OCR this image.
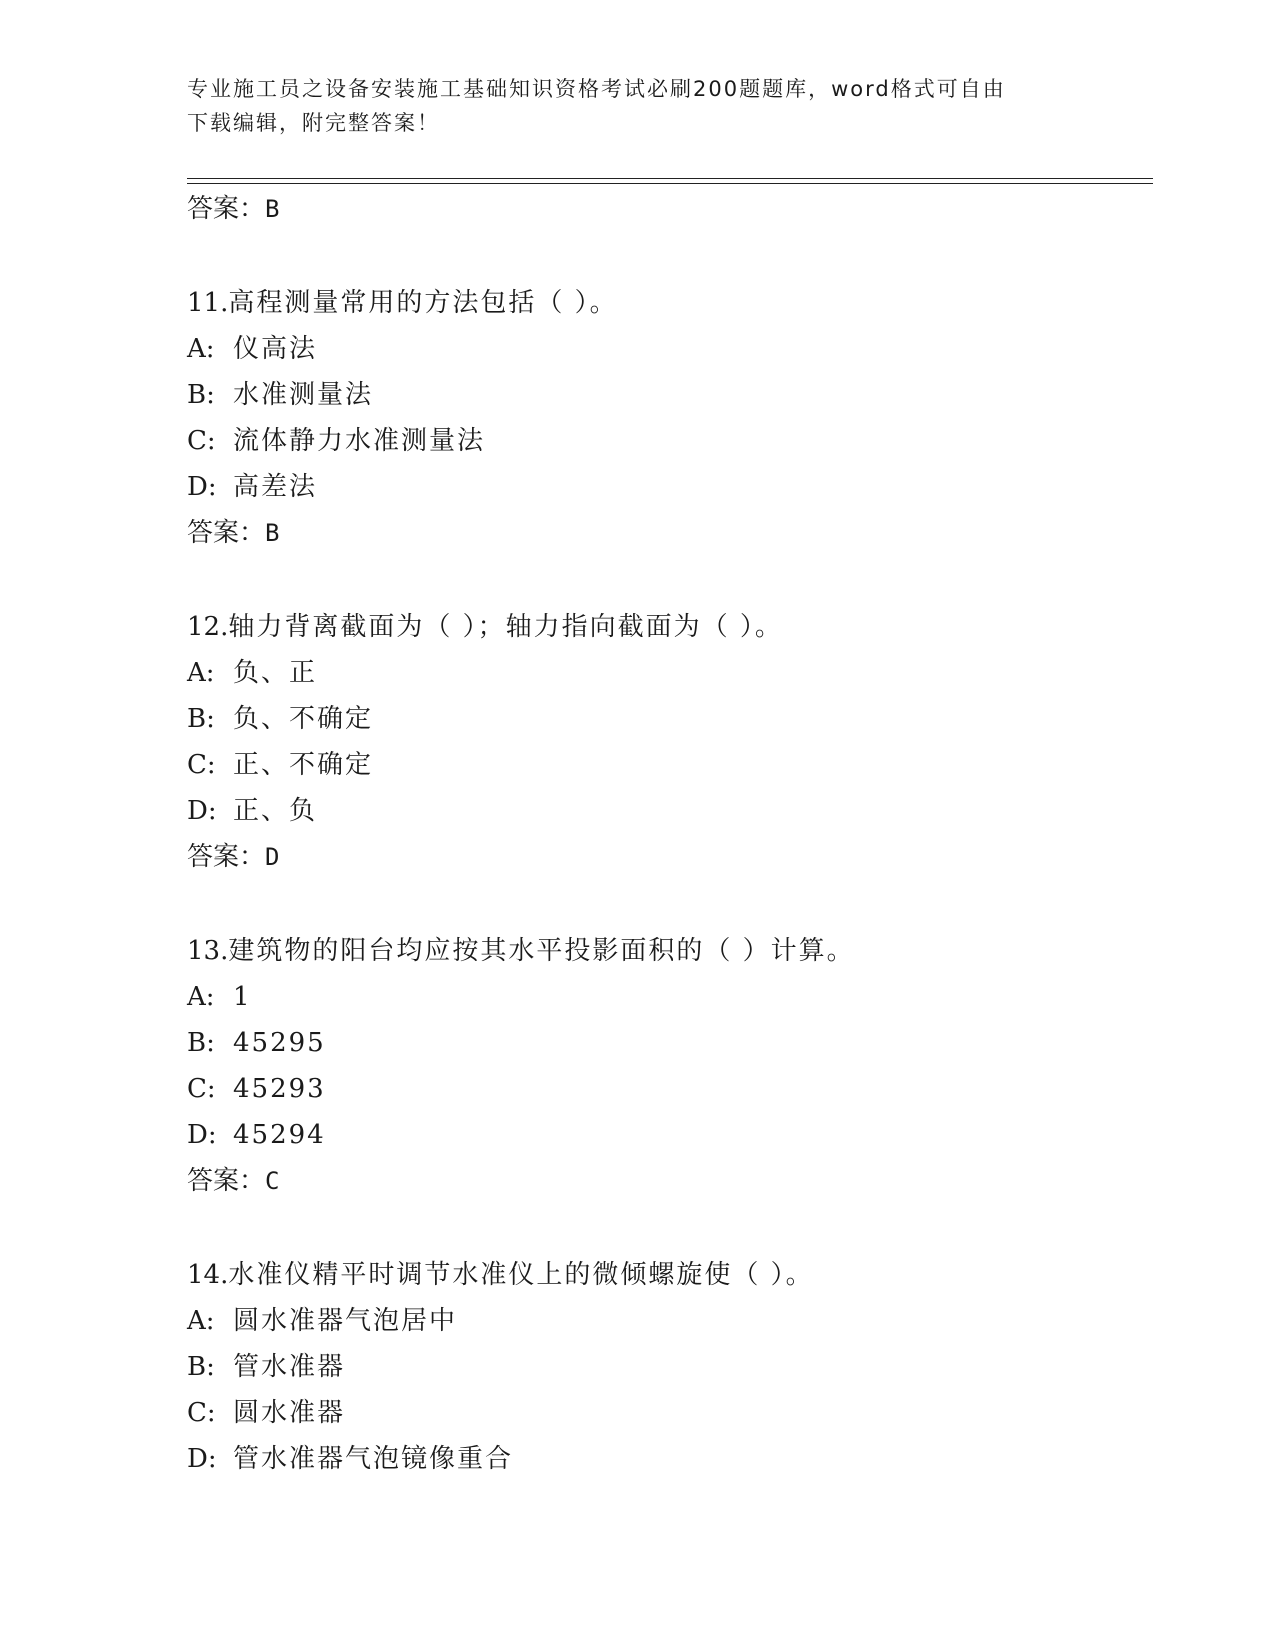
专业施工员之设备安装施工基础知识资格考试必刷200题题库，word格式可自由
下载编辑，附完整答案！
答案：B
11.高程测量常用的方法包括（ ）。
A: 仪高法
B: 水准测量法
C: 流体静力水准测量法
D: 高差法
答案：B
12.轴力背离截面为（ ）；轴力指向截面为（ ）。
A: 负、正
B: 负、不确定
C: 正、不确定
D: 正、负
答案：D
13.建筑物的阳台均应按其水平投影面积的（ ）计算。
A: 1
B: 45295
C: 45293
D: 45294
答案：C
14.水准仪精平时调节水准仪上的微倾螺旋使（ ）。
A: 圆水准器气泡居中
B: 管水准器
C: 圆水准器
D: 管水准器气泡镜像重合
